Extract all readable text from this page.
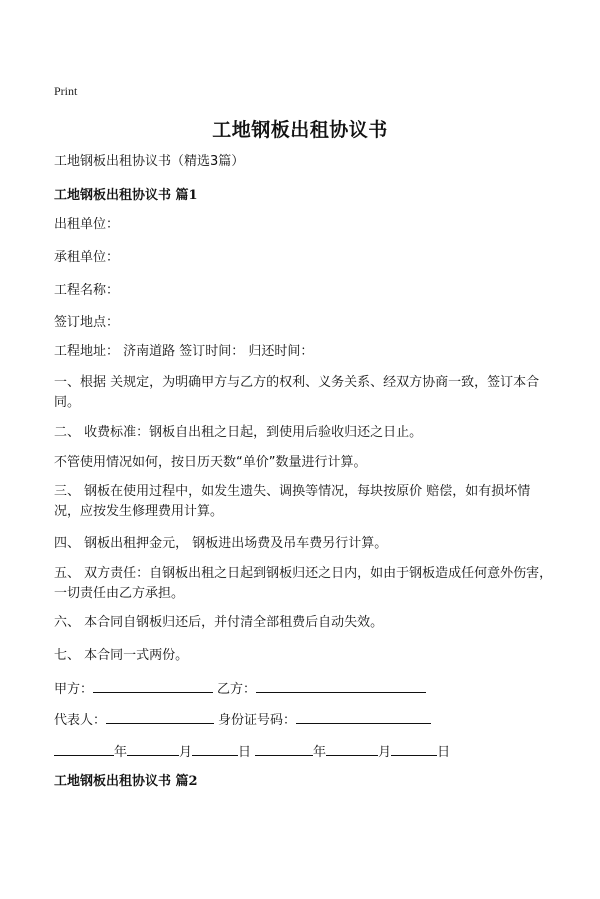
Print
工地钢板出租协议书
工地钢板出租协议书（精选3篇）
工地钢板出租协议书 篇1
出租单位：
承租单位：
工程名称：
签订地点：
工程地址： 济南道路 签订时间： 归还时间：
一、根据 关规定，为明确甲方与乙方的权利、义务关系、经双方协商一致，签订本合同。
二、 收费标准：钢板自出租之日起，到使用后验收归还之日止。
不管使用情况如何，按日历天数“单价”数量进行计算。
三、 钢板在使用过程中，如发生遗失、调换等情况，每块按原价 赔偿，如有损坏情况，应按发生修理费用计算。
四、 钢板出租押金元， 钢板进出场费及吊车费另行计算。
五、 双方责任：自钢板出租之日起到钢板归还之日内，如由于钢板造成任何意外伤害，一切责任由乙方承担。
六、 本合同自钢板归还后，并付清全部租费后自动失效。
七、 本合同一式两份。
甲方：	乙方：
代表人：	身份证号码：
年	月	日	年	月	日
工地钢板出租协议书 篇2
